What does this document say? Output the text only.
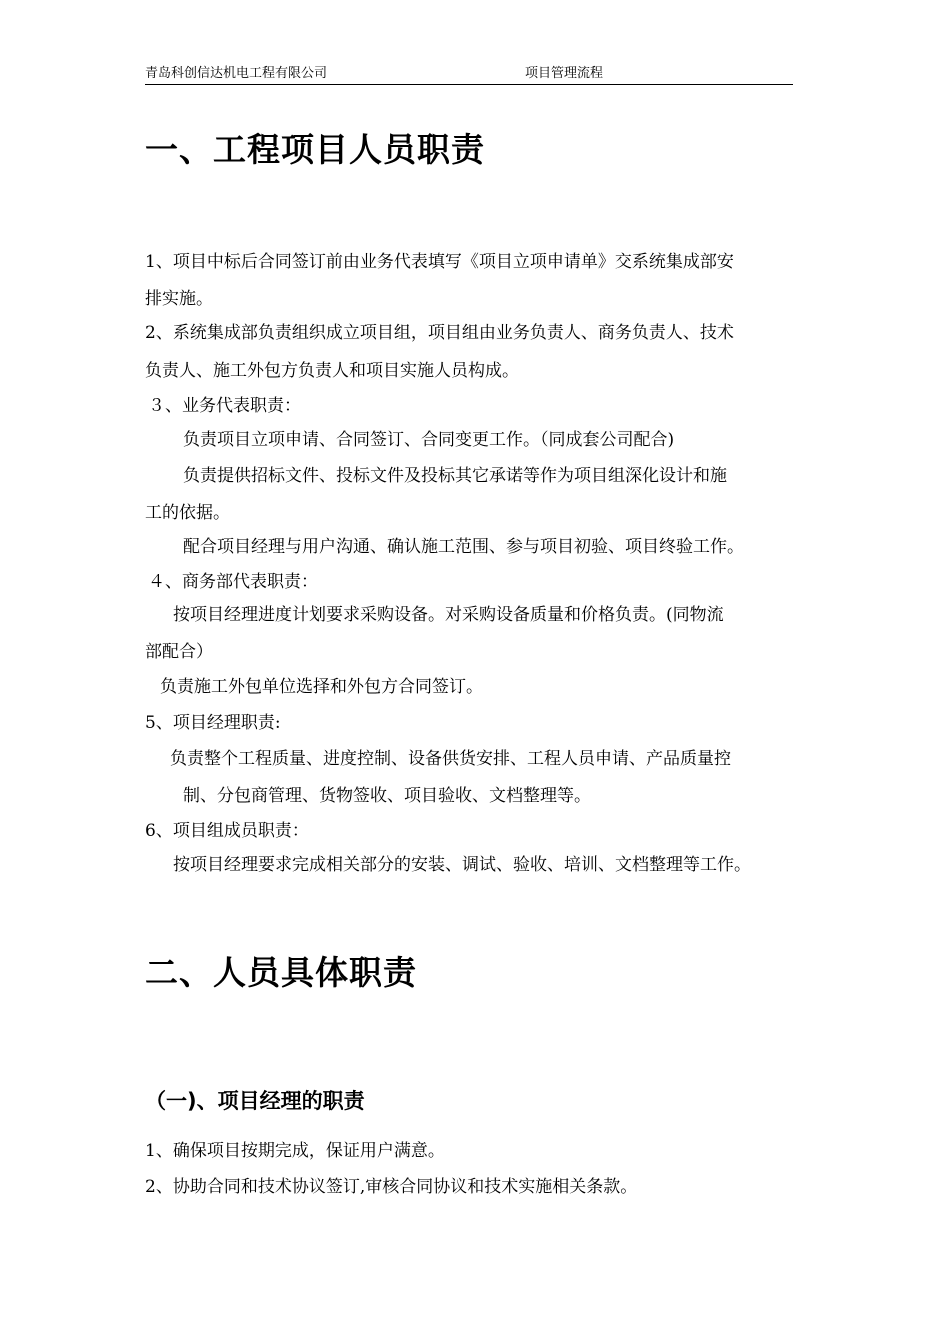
青岛科创信达机电工程有限公司	项目管理流程
一、工程项目人员职责
1、项目中标后合同签订前由业务代表填写《项目立项申请单》交系统集成部安
排实施。
2、系统集成部负责组织成立项目组，项目组由业务负责人、商务负责人、技术
负责人、施工外包方负责人和项目实施人员构成。
３、业务代表职责：
负责项目立项申请、合同签订、合同变更工作。（同成套公司配合)
负责提供招标文件、投标文件及投标其它承诺等作为项目组深化设计和施
工的依据。
配合项目经理与用户沟通、确认施工范围、参与项目初验、项目终验工作。
４、商务部代表职责：
按项目经理进度计划要求采购设备。对采购设备质量和价格负责。(同物流
部配合）
负责施工外包单位选择和外包方合同签订。
5、项目经理职责:
负责整个工程质量、进度控制、设备供货安排、工程人员申请、产品质量控
制、分包商管理、货物签收、项目验收、文档整理等。
6、项目组成员职责：
按项目经理要求完成相关部分的安装、调试、验收、培训、文档整理等工作。
二、人员具体职责
（一)、项目经理的职责
1、确保项目按期完成，保证用户满意。
2、协助合同和技术协议签订,审核合同协议和技术实施相关条款。
